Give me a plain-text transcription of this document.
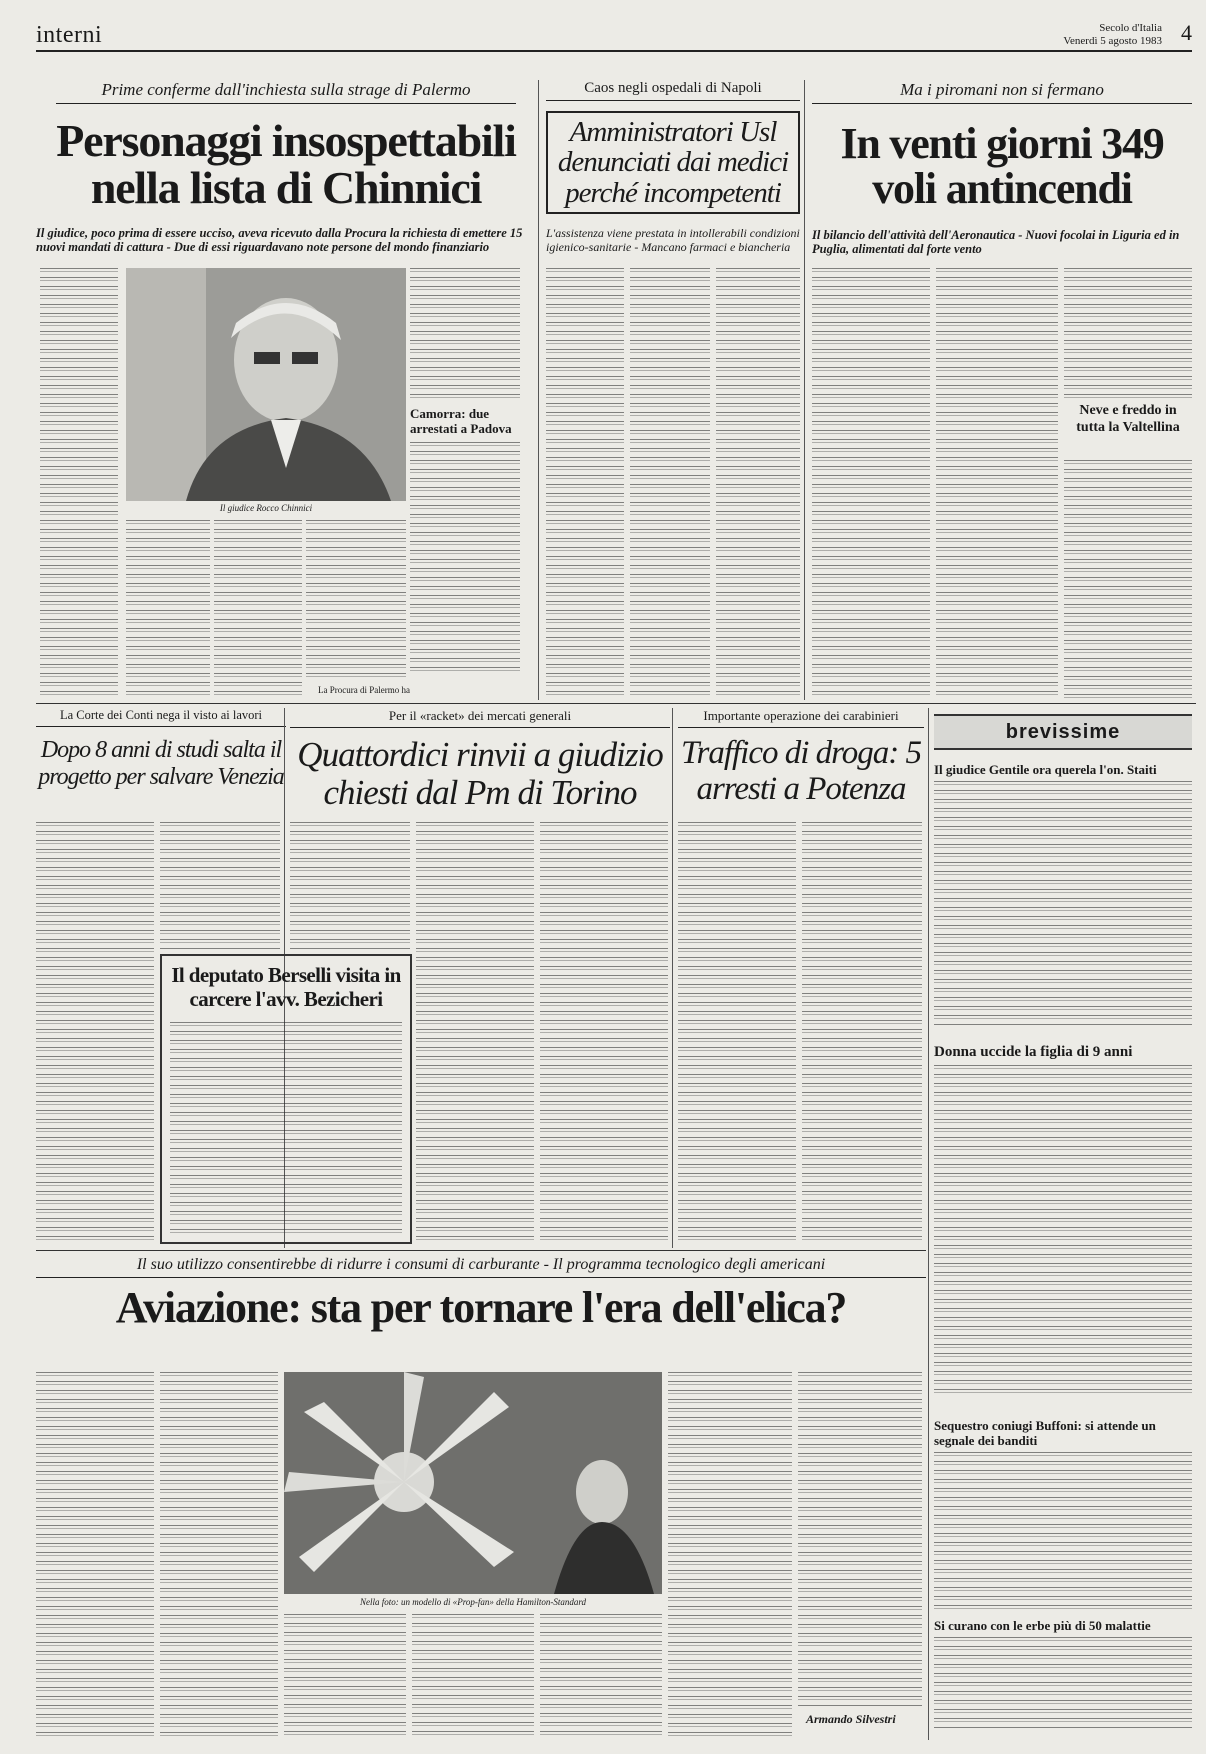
interni	Secolo d'Italia
Venerdì 5 agosto 1983 4
Prime conferme dall'inchiesta sulla strage di Palermo
Personaggi insospettabili nella lista di Chinnici
Il giudice, poco prima di essere ucciso, aveva ricevuto dalla Procura la richiesta di emettere 15 nuovi mandati di cattura - Due di essi riguardavano note persone del mondo finanziario
Il giudice Rocco Chinnici
Camorra: due arrestati a Padova
La Procura di Palermo ha
Caos negli ospedali di Napoli
Amministratori Usl denunciati dai medici perché incompetenti
L'assistenza viene prestata in intollerabili condizioni igienico-sanitarie - Mancano farmaci e biancheria
Ma i piromani non si fermano
In venti giorni 349 voli antincendi
Il bilancio dell'attività dell'Aeronautica - Nuovi focolai in Liguria ed in Puglia, alimentati dal forte vento
Neve e freddo in tutta la Valtellina
La Corte dei Conti nega il visto ai lavori
Dopo 8 anni di studi salta il progetto per salvare Venezia
Per il «racket» dei mercati generali
Quattordici rinvii a giudizio chiesti dal Pm di Torino
Il deputato Berselli visita in carcere l'avv. Bezicheri
Importante operazione dei carabinieri
Traffico di droga: 5 arresti a Potenza
brevissime
Il giudice Gentile ora querela l'on. Staiti
Donna uccide la figlia di 9 anni
Sequestro coniugi Buffoni: si attende un segnale dei banditi
Si curano con le erbe più di 50 malattie
Il suo utilizzo consentirebbe di ridurre i consumi di carburante - Il programma tecnologico degli americani
Aviazione: sta per tornare l'era dell'elica?
Nella foto: un modello di «Prop-fan» della Hamilton-Standard
Armando Silvestri
